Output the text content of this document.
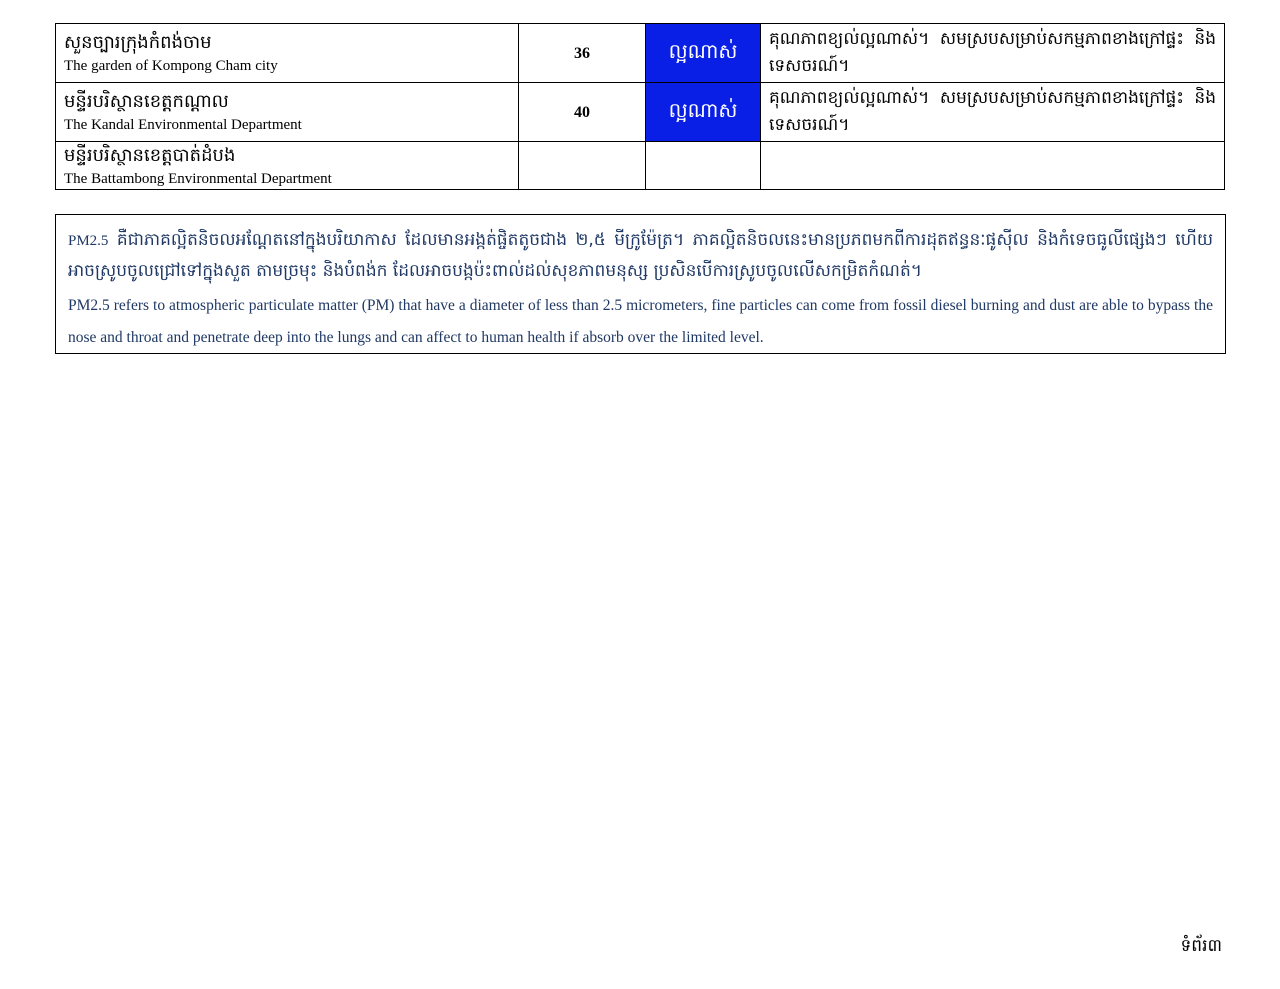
សួនច្បារក្រុងកំពង់ចាម
The garden of Kompong Cham city	36	ល្អណាស់	គុណភាពខ្យល់ល្អណាស់។ សមស្របសម្រាប់សកម្មភាពខាងក្រៅផ្ទះ និងទេសចរណ៍។

មន្ទីរបរិស្ថានខេត្តកណ្ដាល
The Kandal Environmental Department	40	ល្អណាស់	គុណភាពខ្យល់ល្អណាស់។ សមស្របសម្រាប់សកម្មភាពខាងក្រៅផ្ទះ និងទេសចរណ៍។

មន្ទីរបរិស្ថានខេត្តបាត់ដំបង
The Battambong Environmental Department			

PM2.5 គឺជាភាគល្អិតនិចលអណ្តែតនៅក្នុងបរិយាកាស ដែលមានអង្កត់ផ្ចិតតូចជាង ២,៥ មីក្រូម៉ែត្រ។ ភាគល្អិតនិចលនេះមានប្រភពមកពីការដុតឥន្ធនៈផូស៊ីល និងកំទេចធូលីផ្សេងៗ ហើយអាចស្រូបចូលជ្រៅទៅក្នុងសួត តាមច្រមុះ និងបំពង់ក ដែលអាចបង្កប៉ះពាល់ដល់សុខភាពមនុស្ស ប្រសិនបើការស្រូបចូលលើសកម្រិតកំណត់។

PM2.5 refers to atmospheric particulate matter (PM) that have a diameter of less than 2.5 micrometers, fine particles can come from fossil diesel burning and dust are able to bypass the nose and throat and penetrate deep into the lungs and can affect to human health if absorb over the limited level.

ទំព័រ៣
